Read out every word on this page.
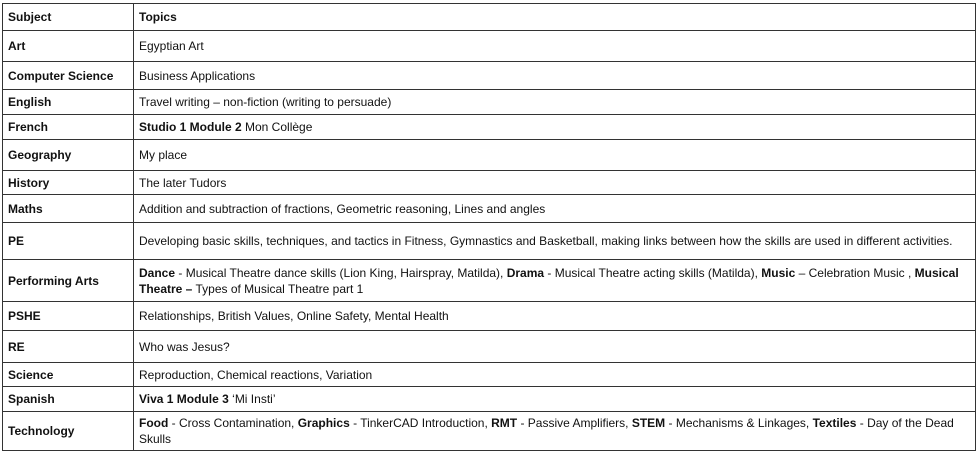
Subject	Topics
Art	Egyptian Art
Computer Science	Business Applications
English	Travel writing – non-fiction (writing to persuade)
French	Studio 1 Module 2 Mon Collège
Geography	My place
History	The later Tudors
Maths	Addition and subtraction of fractions, Geometric reasoning, Lines and angles
PE	Developing basic skills, techniques, and tactics in Fitness, Gymnastics and Basketball, making links between how the skills are used in different activities.
Performing Arts	Dance - Musical Theatre dance skills (Lion King, Hairspray, Matilda), Drama - Musical Theatre acting skills (Matilda), Music – Celebration Music , Musical Theatre – Types of Musical Theatre part 1
PSHE	Relationships, British Values, Online Safety, Mental Health
RE	Who was Jesus?
Science	Reproduction, Chemical reactions, Variation
Spanish	Viva 1 Module 3 ‘Mi Insti’
Technology	Food - Cross Contamination, Graphics - TinkerCAD Introduction, RMT - Passive Amplifiers, STEM - Mechanisms & Linkages, Textiles - Day of the Dead Skulls
